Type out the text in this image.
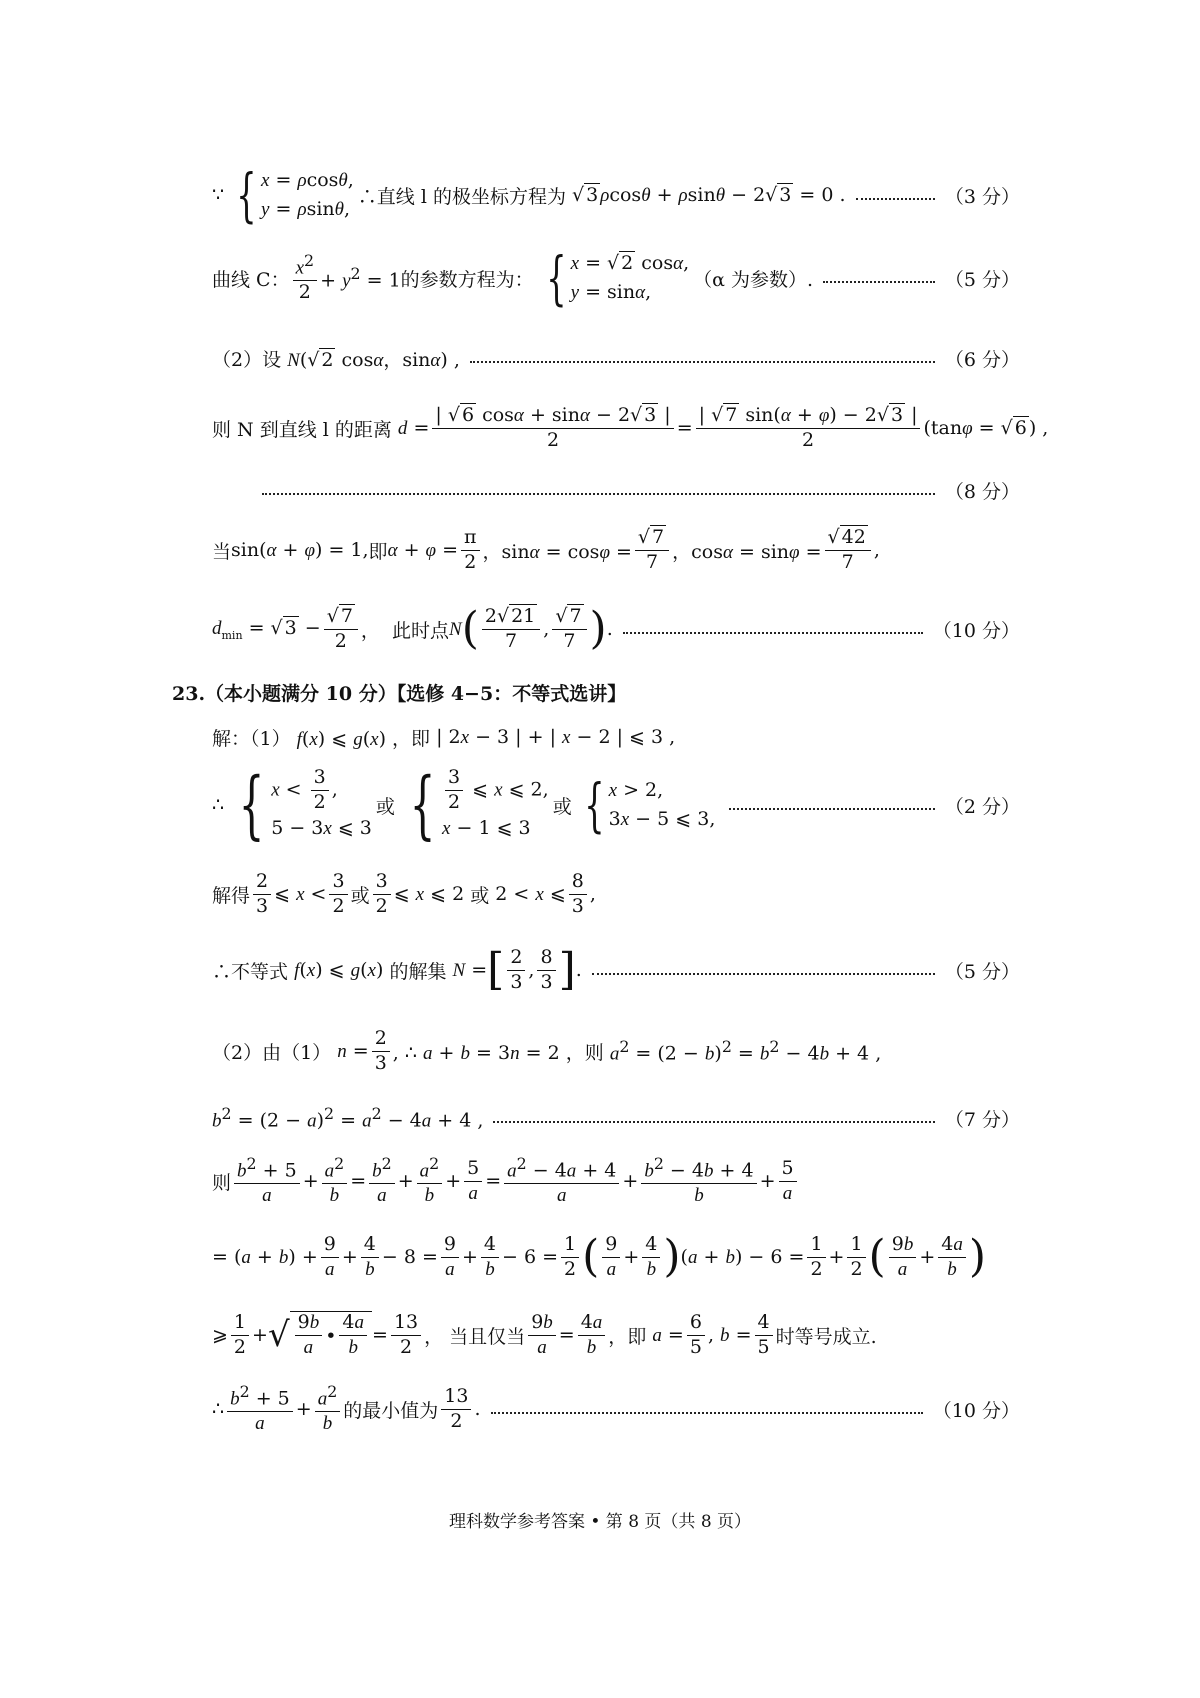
∵ { x = ρcosθ,
y = ρsinθ,
∴直线 l 的极坐标方程为 √ 3 ρcosθ + ρsinθ − 2√ 3 = 0 .	（3 分）
曲线 C： $\frac{x^2}{2} + y^2 = 1$ 的参数方程为： { x = √ 2 cosα,
y = sinα,
（α 为参数）.	（5 分）
（2）设 N(√ 2 cosα，sinα) ,	（6 分）
则 N 到直线 l 的距离 $d = \frac{| √ 6 \cos\alpha + \sin\alpha - 2√ 3 |}{2} = \frac{| √ 7 \sin(\alpha + \varphi) - 2√ 3 |}{2} (\tan\varphi$ = √ 6 ) ,
（8 分）
当 sin(α + φ) = 1, 即 $\alpha + \varphi = \frac{\pi}{2}$ ，$\sin\alpha = \cos\varphi = \frac{√ 7}{7}$ ，$\cos\alpha = \sin\varphi = \frac{√ 42}{7}$ ,
$d_{min}$ = √ $3 - \frac{√ 7}{2}$ ， 此时点 N ( $\frac{2√ 21}{7}$ , $\frac{√ 7}{7}$ ) .	（10 分）
23.（本小题满分 10 分）【选修 4−5：不等式选讲】
解：（1） f(x) ⩽ g(x) ， 即 | 2x − 3 | + | x − 2 | ⩽ 3 ,
∴ { $x < \frac{3}{2}$ ,
5 − 3x ⩽ 3
或 { $\frac{3}{2}$ ⩽ x ⩽ 2,
x − 1 ⩽ 3
或 { x > 2,
3x − 5 ⩽ 3,
（2 分）
解得 $\frac{2}{3}$ ⩽ $x < \frac{3}{2}$ 或 $\frac{3}{2}$ ⩽ x ⩽ 2 或 2 < x ⩽ $\frac{8}{3}$ ,
∴不等式 f(x) ⩽ g(x) 的解集 N = [ $\frac{2}{3}$ , $\frac{8}{3}$ ] .	（5 分）
（2）由（1） $n = \frac{2}{3}$ , ∴ a + b = 3n = 2 ， 则 $a^2 = (2 - b)^2 = b^2 - 4b + 4$ ,
$b^2 = (2 - a)^2 = a^2 - 4a + 4$ ,	（7 分）
则 $\frac{b^2 + 5}{a} + \frac{a^2}{b} = \frac{b^2}{a} + \frac{a^2}{b} + \frac{5}{a} = \frac{a^2 - 4a + 4}{a} + \frac{b^2 - 4b + 4}{b} + \frac{5}{a}$
= $(a + b) + \frac{9}{a} + \frac{4}{b} - 8 = \frac{9}{a} + \frac{4}{b} - 6 = \frac{1}{2}$ ( $\frac{9}{a} + \frac{4}{b}$ ) $(a + b) - 6 = \frac{1}{2} + \frac{1}{2}$ ( $\frac{9b}{a} + \frac{4a}{b}$ )
⩾ $\frac{1}{2}$ + √ $\frac{9b}{a}$ • $\frac{4a}{b} = \frac{13}{2}$ ， 当且仅当 $\frac{9b}{a} = \frac{4a}{b}$ ， 即 $a = \frac{6}{5}$ , $b = \frac{4}{5}$ 时等号成立.
∴ $\frac{b^2 + 5}{a} + \frac{a^2}{b}$ 的最小值为 $\frac{13}{2}$ .	（10 分）
理科数学参考答案 • 第 8 页（共 8 页）
